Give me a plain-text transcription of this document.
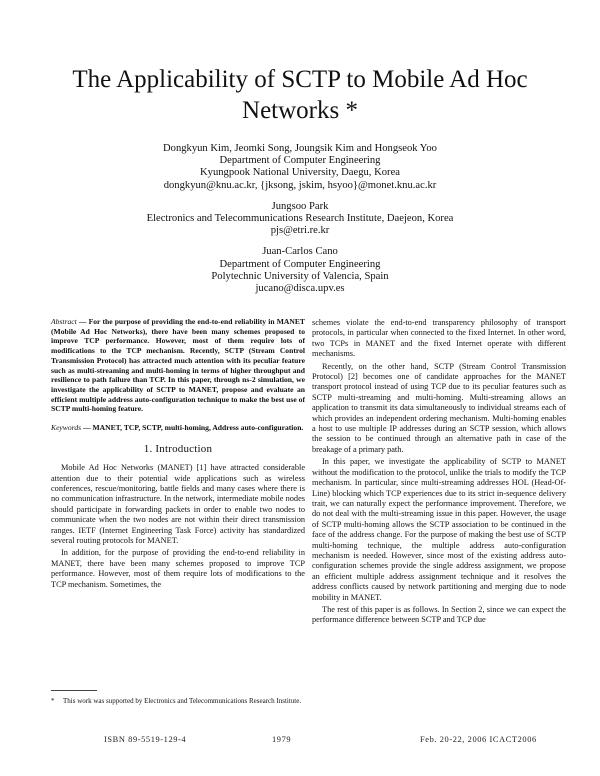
The Applicability of SCTP to Mobile Ad Hoc Networks *
Dongkyun Kim, Jeomki Song, Joungsik Kim and Hongseok Yoo
Department of Computer Engineering
Kyungpook National University, Daegu, Korea
dongkyun@knu.ac.kr, {jksong, jskim, hsyoo}@monet.knu.ac.kr
Jungsoo Park
Electronics and Telecommunications Research Institute, Daejeon, Korea
pjs@etri.re.kr
Juan-Carlos Cano
Department of Computer Engineering
Polytechnic University of Valencia, Spain
jucano@disca.upv.es
Abstract — For the purpose of providing the end-to-end reliability in MANET (Mobile Ad Hoc Networks), there have been many schemes proposed to improve TCP performance. However, most of them require lots of modifications to the TCP mechanism. Recently, SCTP (Stream Control Transmission Protocol) has attracted much attention with its peculiar feature such as multi-streaming and multi-homing in terms of higher throughput and resilience to path failure than TCP. In this paper, through ns-2 simulation, we investigate the applicability of SCTP to MANET, propose and evaluate an efficient multiple address auto-configuration technique to make the best use of SCTP multi-homing feature.
Keywords — MANET, TCP, SCTP, multi-homing, Address auto-configuration.
1. Introduction

Mobile Ad Hoc Networks (MANET) [1] have attracted considerable attention due to their potential wide applications such as wireless conferences, rescue/monitoring, battle fields and many cases where there is no communication infrastructure. In the network, intermediate mobile nodes should participate in forwarding packets in order to enable two nodes to communicate when the two nodes are not within their direct transmission ranges. IETF (Internet Engineering Task Force) activity has standardized several routing protocols for MANET.

In addition, for the purpose of providing the end-to-end reliability in MANET, there have been many schemes proposed to improve TCP performance. However, most of them require lots of modifications to the TCP mechanism. Sometimes, the

schemes violate the end-to-end transparency philosophy of transport protocols, in particular when connected to the fixed Internet. In other word, two TCPs in MANET and the fixed Internet operate with different mechanisms.

Recently, on the other hand, SCTP (Stream Control Transmission Protocol) [2] becomes one of candidate approaches for the MANET transport protocol instead of using TCP due to its peculiar features such as SCTP multi-streaming and multi-homing. Multi-streaming allows an application to transmit its data simultaneously to individual streams each of which provides an independent ordering mechanism. Multi-homing enables a host to use multiple IP addresses during an SCTP session, which allows the session to be continued through an alternative path in case of the breakage of a primary path.

In this paper, we investigate the applicability of SCTP to MANET without the modification to the protocol, unlike the trials to modify the TCP mechanism. In particular, since multi-streaming addresses HOL (Head-Of-Line) blocking which TCP experiences due to its strict in-sequence delivery trait, we can naturally expect the performance improvement. Therefore, we do not deal with the multi-streaming issue in this paper. However, the usage of SCTP multi-homing allows the SCTP association to be continued in the face of the address change. For the purpose of making the best use of SCTP multi-homing technique, the multiple address auto-configuration mechanism is needed. However, since most of the existing address auto-configuration schemes provide the single address assignment, we propose an efficient multiple address assignment technique and it resolves the address conflicts caused by network partitioning and merging due to node mobility in MANET.

The rest of this paper is as follows. In Section 2, since we can expect the performance difference between SCTP and TCP due

* This work was supported by Electronics and Telecommunications Research Institute.
ISBN 89-5519-129-4	1979	Feb. 20-22, 2006 ICACT2006
